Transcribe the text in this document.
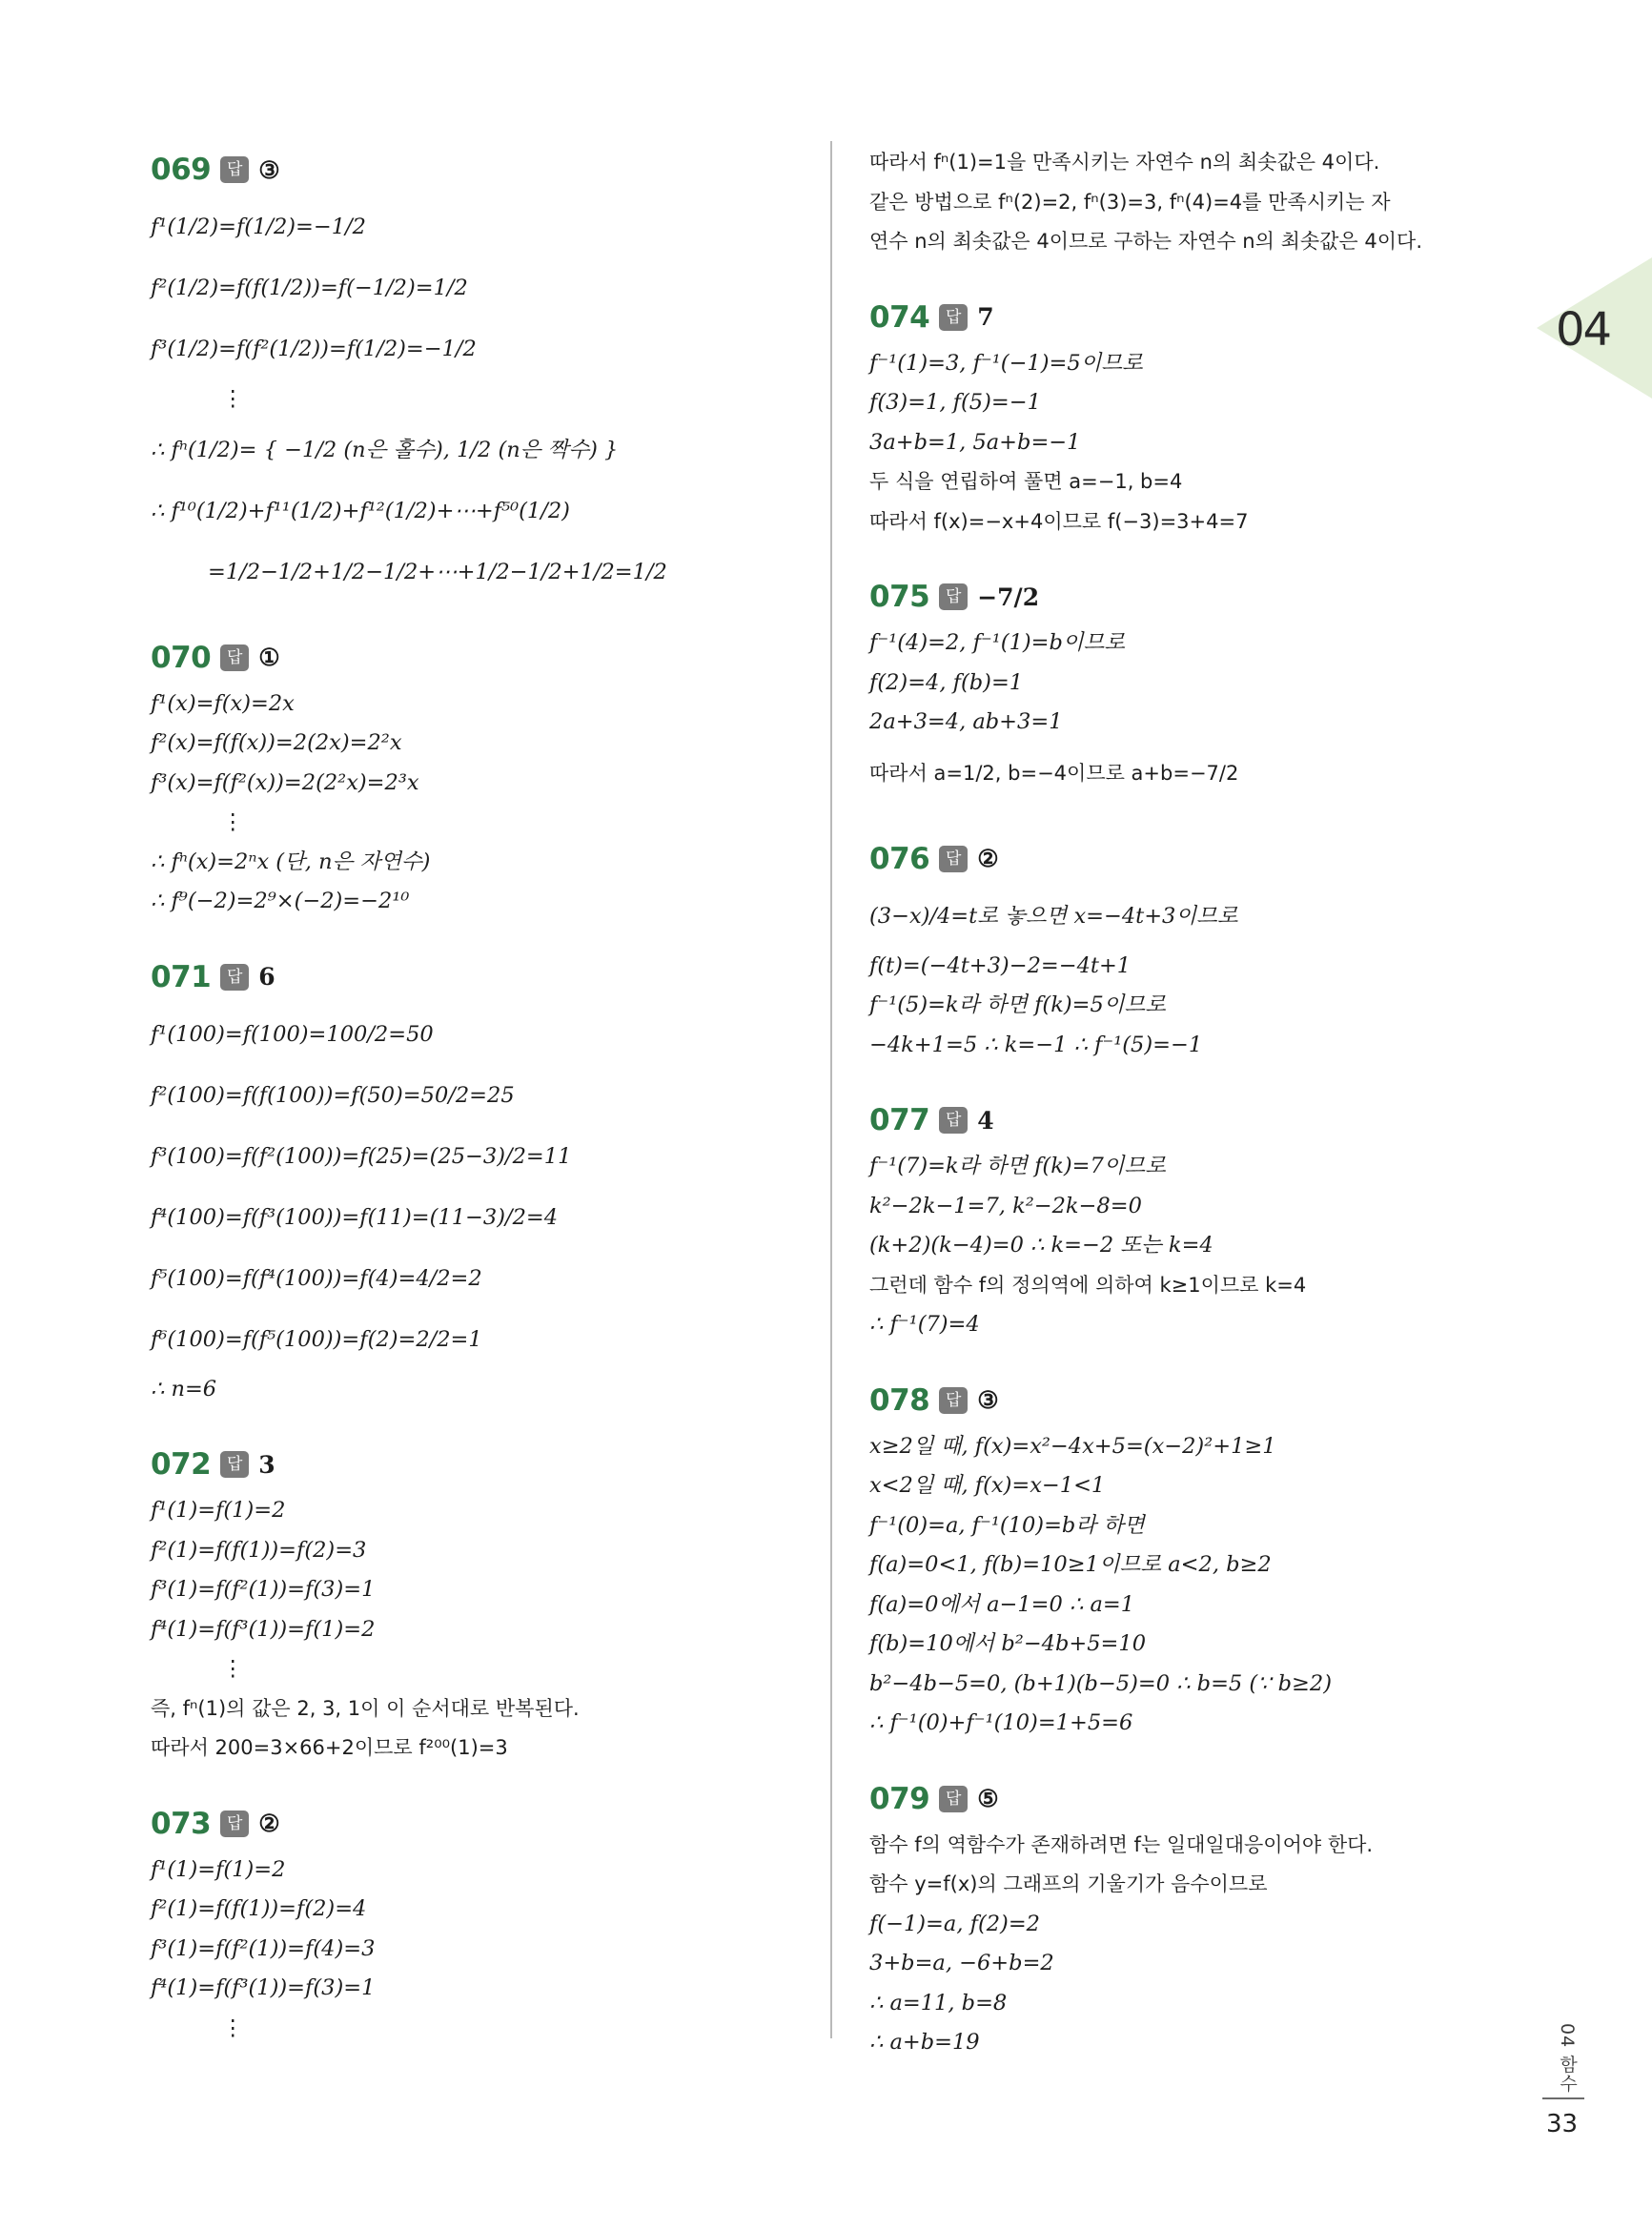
069 답 ③
f¹(1/2)=f(1/2)=−1/2
f²(1/2)=f(f(1/2))=f(−1/2)=1/2
f³(1/2)=f(f²(1/2))=f(1/2)=−1/2
⋮
∴ fⁿ(1/2)= { −1/2 (n은 홀수), 1/2 (n은 짝수) }
∴ f¹⁰(1/2)+f¹¹(1/2)+f¹²(1/2)+⋯+f⁵⁰(1/2)
=1/2−1/2+1/2−1/2+⋯+1/2−1/2+1/2=1/2
070 답 ①
f¹(x)=f(x)=2x
f²(x)=f(f(x))=2(2x)=2²x
f³(x)=f(f²(x))=2(2²x)=2³x
⋮
∴ fⁿ(x)=2ⁿx (단, n은 자연수)
∴ f⁹(−2)=2⁹×(−2)=−2¹⁰
071 답 6
f¹(100)=f(100)=100/2=50
f²(100)=f(f(100))=f(50)=50/2=25
f³(100)=f(f²(100))=f(25)=(25−3)/2=11
f⁴(100)=f(f³(100))=f(11)=(11−3)/2=4
f⁵(100)=f(f⁴(100))=f(4)=4/2=2
f⁶(100)=f(f⁵(100))=f(2)=2/2=1
∴ n=6
072 답 3
f¹(1)=f(1)=2
f²(1)=f(f(1))=f(2)=3
f³(1)=f(f²(1))=f(3)=1
f⁴(1)=f(f³(1))=f(1)=2
⋮
즉, fⁿ(1)의 값은 2, 3, 1이 이 순서대로 반복된다.
따라서 200=3×66+2이므로 f²⁰⁰(1)=3
073 답 ②
f¹(1)=f(1)=2
f²(1)=f(f(1))=f(2)=4
f³(1)=f(f²(1))=f(4)=3
f⁴(1)=f(f³(1))=f(3)=1
⋮
따라서 fⁿ(1)=1을 만족시키는 자연수 n의 최솟값은 4이다.
같은 방법으로 fⁿ(2)=2, fⁿ(3)=3, fⁿ(4)=4를 만족시키는 자
연수 n의 최솟값은 4이므로 구하는 자연수 n의 최솟값은 4이다.
074 답 7
f⁻¹(1)=3, f⁻¹(−1)=5이므로
f(3)=1, f(5)=−1
3a+b=1, 5a+b=−1
두 식을 연립하여 풀면 a=−1, b=4
따라서 f(x)=−x+4이므로 f(−3)=3+4=7
075 답 −7/2
f⁻¹(4)=2, f⁻¹(1)=b이므로
f(2)=4, f(b)=1
2a+3=4, ab+3=1
따라서 a=1/2, b=−4이므로 a+b=−7/2
076 답 ②
(3−x)/4=t로 놓으면 x=−4t+3이므로
f(t)=(−4t+3)−2=−4t+1
f⁻¹(5)=k라 하면 f(k)=5이므로
−4k+1=5 ∴ k=−1 ∴ f⁻¹(5)=−1
077 답 4
f⁻¹(7)=k라 하면 f(k)=7이므로
k²−2k−1=7, k²−2k−8=0
(k+2)(k−4)=0 ∴ k=−2 또는 k=4
그런데 함수 f의 정의역에 의하여 k≥1이므로 k=4
∴ f⁻¹(7)=4
078 답 ③
x≥2일 때, f(x)=x²−4x+5=(x−2)²+1≥1
x<2일 때, f(x)=x−1<1
f⁻¹(0)=a, f⁻¹(10)=b라 하면
f(a)=0<1, f(b)=10≥1이므로 a<2, b≥2
f(a)=0에서 a−1=0 ∴ a=1
f(b)=10에서 b²−4b+5=10
b²−4b−5=0, (b+1)(b−5)=0 ∴ b=5 (∵ b≥2)
∴ f⁻¹(0)+f⁻¹(10)=1+5=6
079 답 ⑤
함수 f의 역함수가 존재하려면 f는 일대일대응이어야 한다.
함수 y=f(x)의 그래프의 기울기가 음수이므로
f(−1)=a, f(2)=2
3+b=a, −6+b=2
∴ a=11, b=8
∴ a+b=19
04
04 함수
33
